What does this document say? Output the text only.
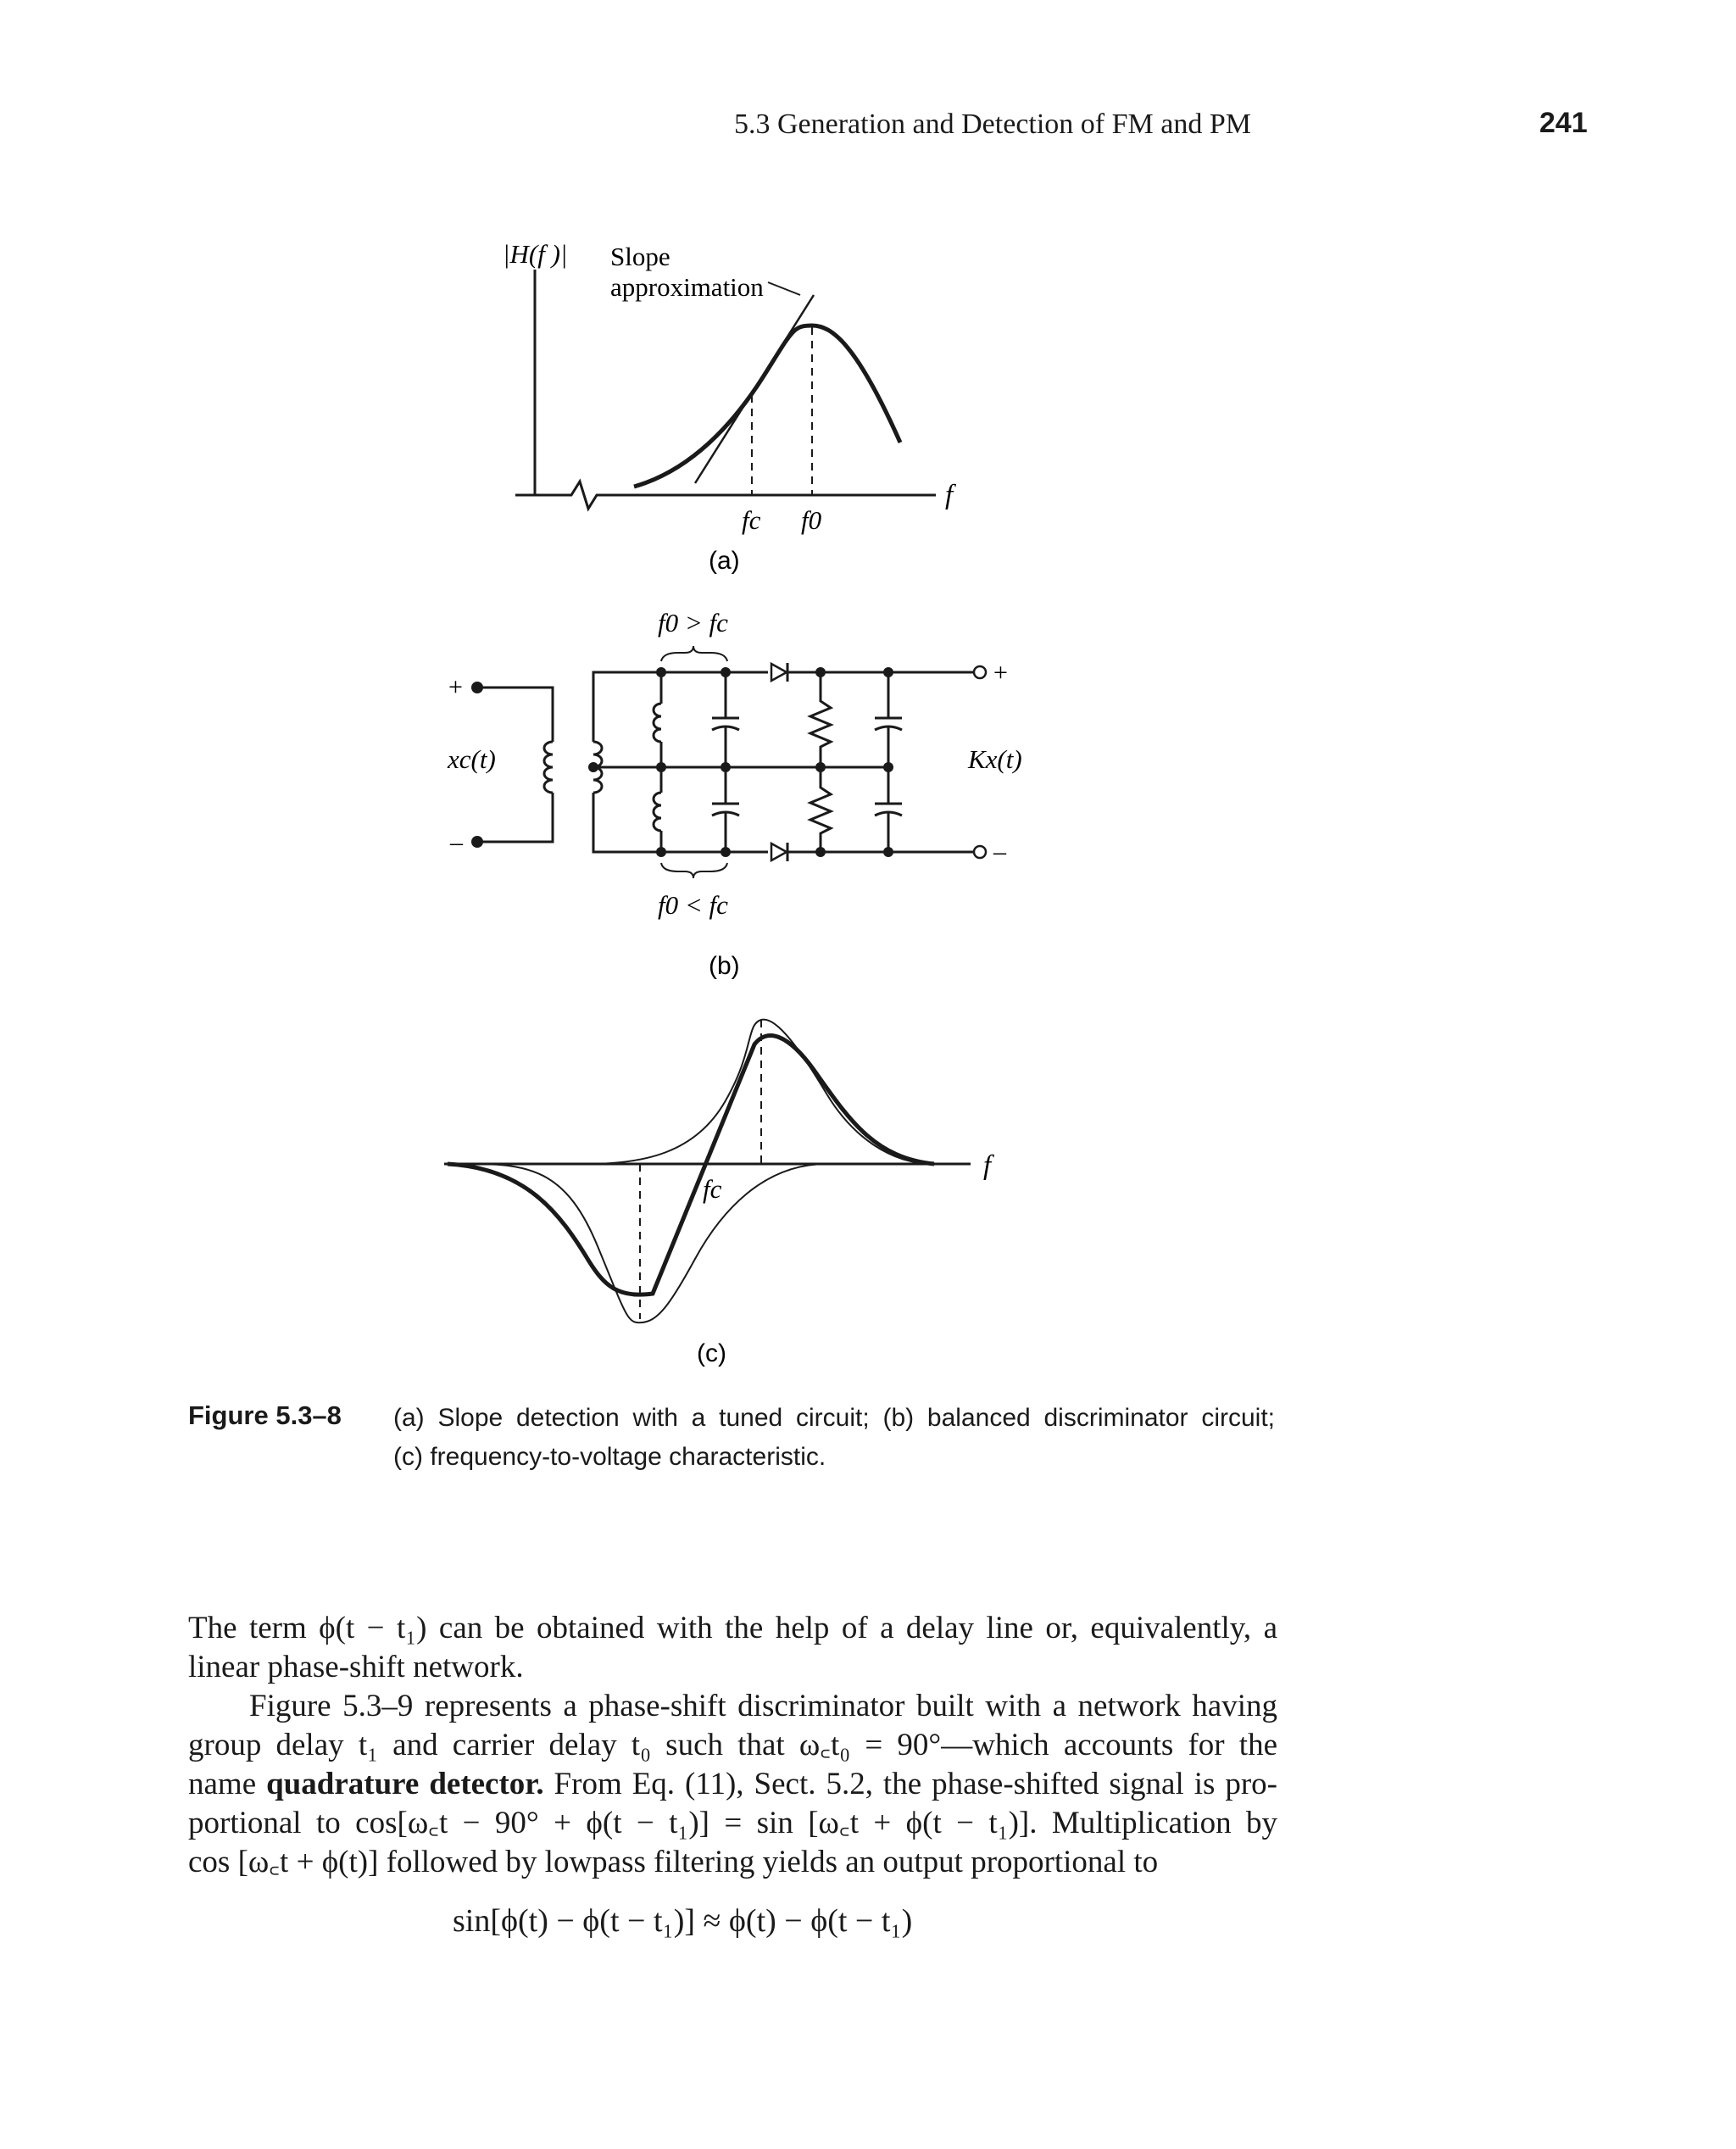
5.3 Generation and Detection of FM and PM	241
|H(f )| Slope
approximation
f
fc f0
(a)
f0 > fc
f0 < fc
xc(t)	Kx(t)
+
–
+
–
(b)
f
fc
(c)
Figure 5.3–8 (a) Slope detection with a tuned circuit; (b) balanced discriminator circuit;
(c) frequency-to-voltage characteristic.
The term ϕ(t − t₁) can be obtained with the help of a delay line or, equivalently, a
linear phase-shift network.
Figure 5.3–9 represents a phase-shift discriminator built with a network having
group delay t₁ and carrier delay t₀ such that ω꜀t₀ = 90°—which accounts for the
name quadrature detector. From Eq. (11), Sect. 5.2, the phase-shifted signal is pro-
portional to cos[ω꜀t − 90° + ϕ(t − t₁)] = sin [ω꜀t + ϕ(t − t₁)]. Multiplication by
cos [ω꜀t + ϕ(t)] followed by lowpass filtering yields an output proportional to
sin[ϕ(t) − ϕ(t − t₁)] ≈ ϕ(t) − ϕ(t − t₁)
